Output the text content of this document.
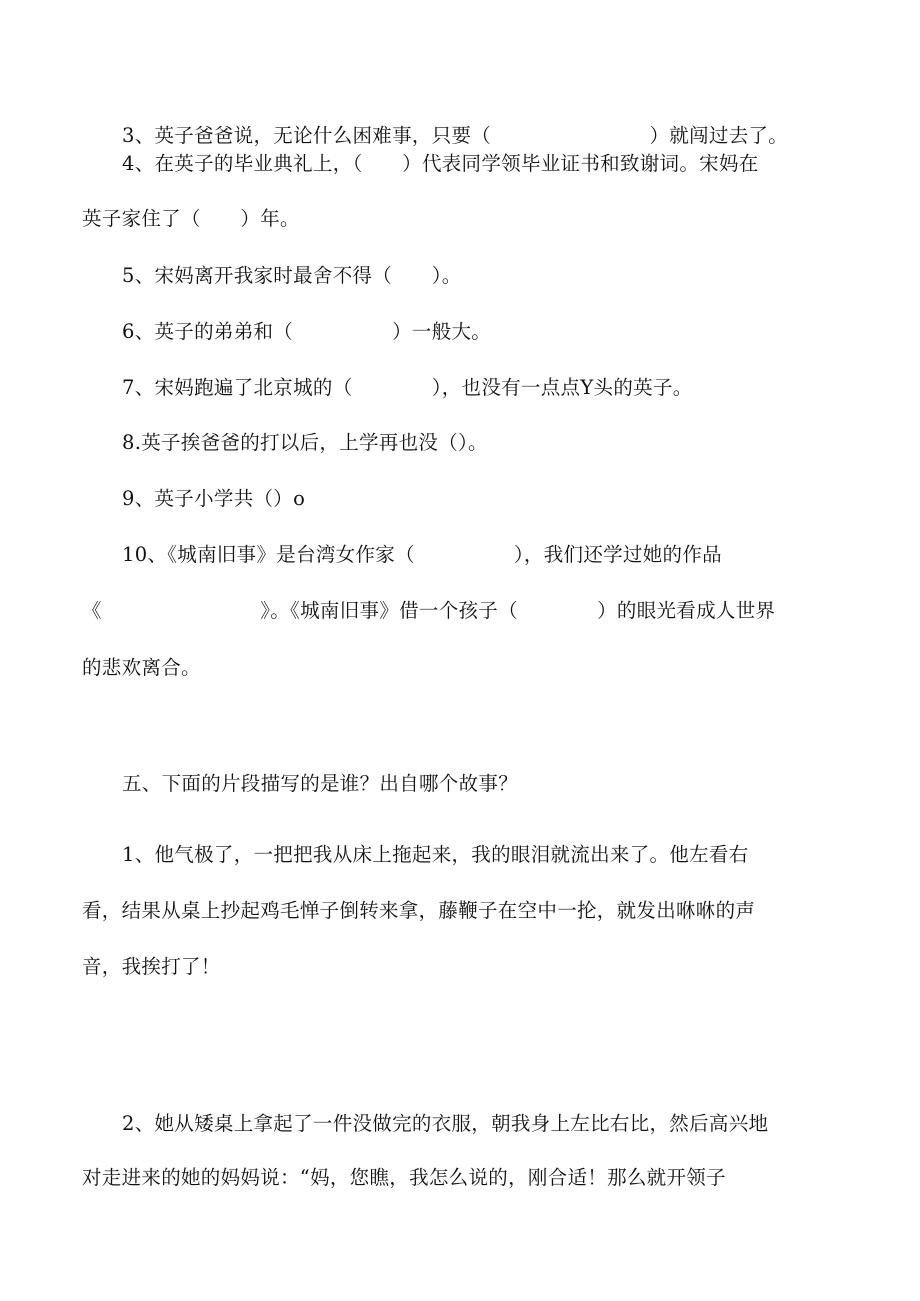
3、英子爸爸说，无论什么困难事，只要（　　　　　　　　）就闯过去了。
4、在英子的毕业典礼上，（　　）代表同学领毕业证书和致谢词。宋妈在
英子家住了（　　）年。
5、宋妈离开我家时最舍不得（　　）。
6、英子的弟弟和（　　　　　）一般大。
7、宋妈跑遍了北京城的（　　　　），也没有一点点Y头的英子。
8.英子挨爸爸的打以后，上学再也没（）。
9、英子小学共（）o
10、《城南旧事》是台湾女作家（　　　　　），我们还学过她的作品
《　　　　　　　　》。《城南旧事》借一个孩子（　　　　）的眼光看成人世界
的悲欢离合。
五、下面的片段描写的是谁？出自哪个故事？
1、他气极了，一把把我从床上拖起来，我的眼泪就流出来了。他左看右
看，结果从桌上抄起鸡毛惮子倒转来拿，藤鞭子在空中一抡，就发出咻咻的声
音，我挨打了！
2、她从矮桌上拿起了一件没做完的衣服，朝我身上左比右比，然后高兴地
对走进来的她的妈妈说：“妈，您瞧，我怎么说的，刚合适！那么就开领子
